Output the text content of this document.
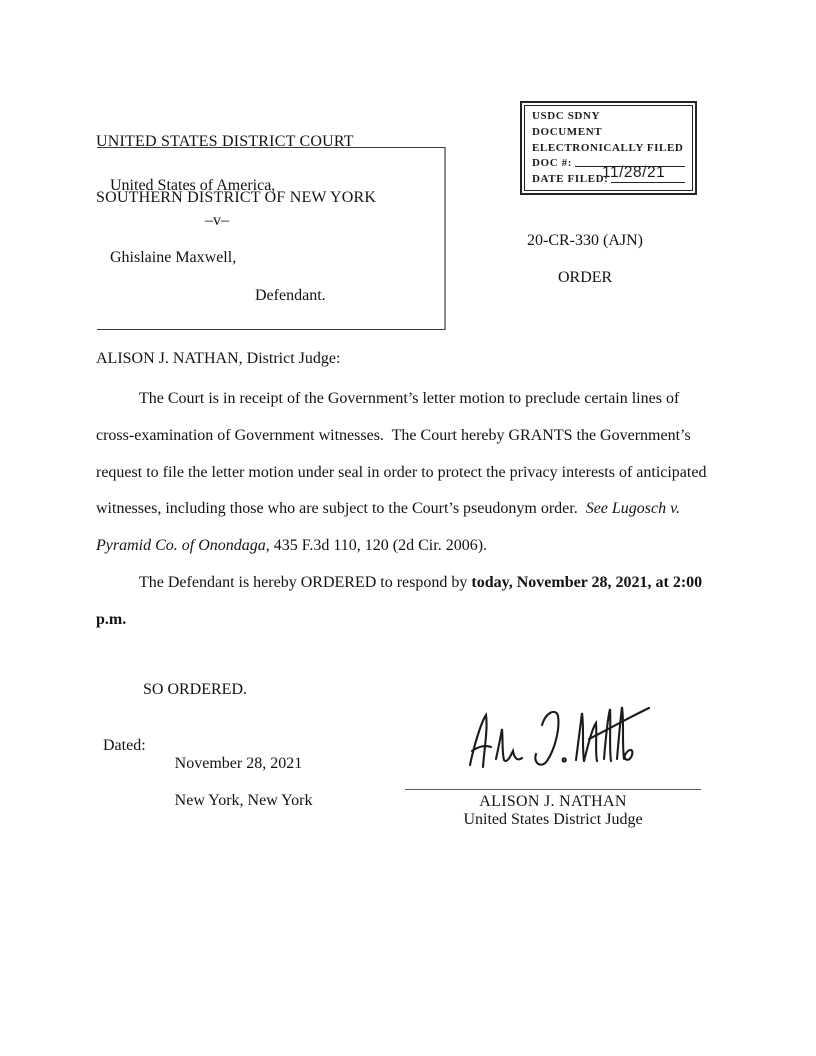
UNITED STATES DISTRICT COURT

SOUTHERN DISTRICT OF NEW YORK

USDC SDNY
DOCUMENT
ELECTRONICALLY FILED
DOC #:
DATE FILED:
11/28/21
United States of America,
–v–
Ghislaine Maxwell,
Defendant.
20-CR-330 (AJN)
ORDER
ALISON J. NATHAN, District Judge:
The Court is in receipt of the Government’s letter motion to preclude certain lines of
cross-examination of Government witnesses.  The Court hereby GRANTS the Government’s
request to file the letter motion under seal in order to protect the privacy interests of anticipated
witnesses, including those who are subject to the Court’s pseudonym order.  See Lugosch v.
Pyramid Co. of Onondaga, 435 F.3d 110, 120 (2d Cir. 2006).
The Defendant is hereby ORDERED to respond by today, November 28, 2021, at 2:00
p.m.
SO ORDERED.
Dated:

November 28, 2021

New York, New York
	ALISON J. NATHAN
United States District Judge
